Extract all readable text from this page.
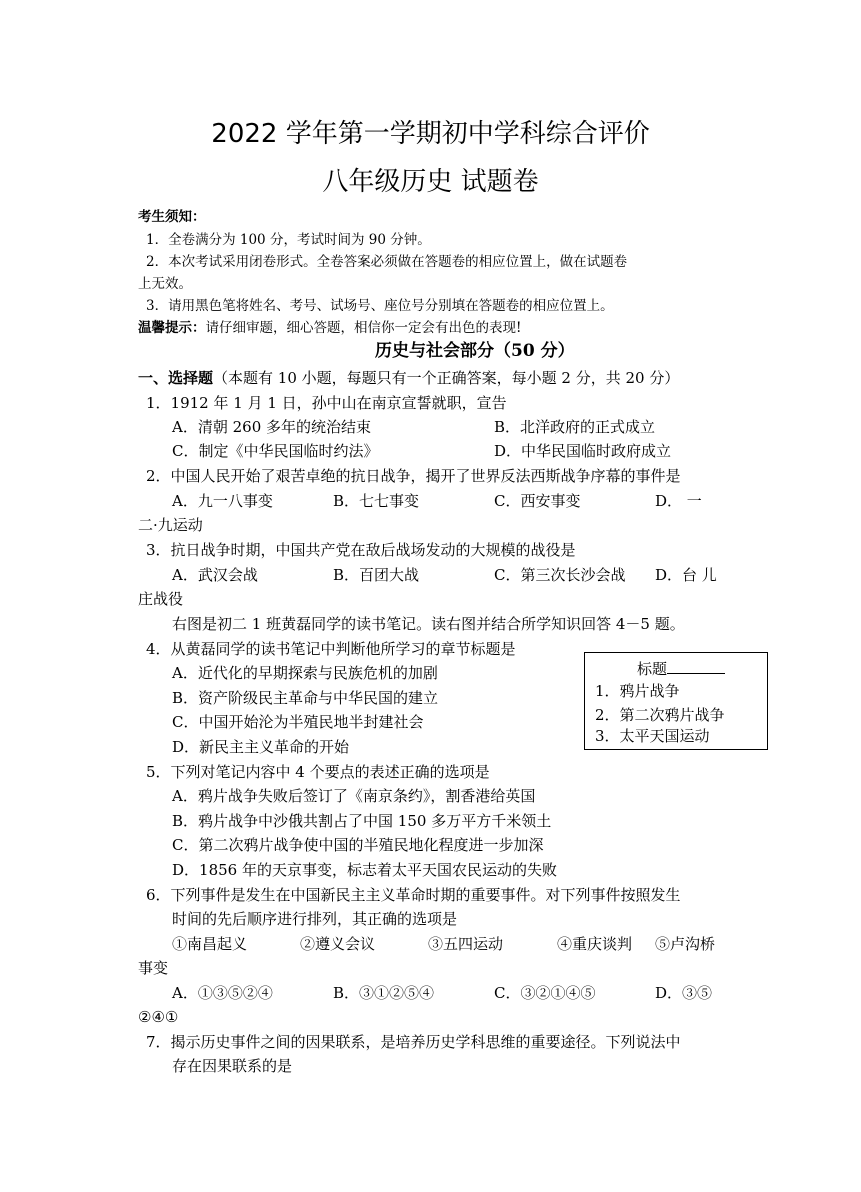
2022 学年第一学期初中学科综合评价
八年级历史 试题卷
考生须知：
1．全卷满分为 100 分，考试时间为 90 分钟。
2．本次考试采用闭卷形式。全卷答案必须做在答题卷的相应位置上，做在试题卷
上无效。
3．请用黑色笔将姓名、考号、试场号、座位号分别填在答题卷的相应位置上。
温馨提示：请仔细审题，细心答题，相信你一定会有出色的表现!
历史与社会部分（50 分）
一、选择题（本题有 10 小题，每题只有一个正确答案，每小题 2 分，共 20 分）
1．1912 年 1 月 1 日，孙中山在南京宣誓就职，宣告
A．清朝 260 多年的统治结束	B．北洋政府的正式成立
C．制定《中华民国临时约法》	D．中华民国临时政府成立
2．中国人民开始了艰苦卓绝的抗日战争，揭开了世界反法西斯战争序幕的事件是
A．九一八事变	B．七七事变	C．西安事变	D． 一
二·九运动
3．抗日战争时期，中国共产党在敌后战场发动的大规模的战役是
A．武汉会战	B．百团大战	C．第三次长沙会战 D．台 儿
庄战役
右图是初二 1 班黄磊同学的读书笔记。读右图并结合所学知识回答 4－5 题。
4．从黄磊同学的读书笔记中判断他所学习的章节标题是
A．近代化的早期探索与民族危机的加剧
B．资产阶级民主革命与中华民国的建立
C．中国开始沦为半殖民地半封建社会
D．新民主主义革命的开始
标题
1．鸦片战争
2．第二次鸦片战争
3．太平天国运动
5．下列对笔记内容中 4 个要点的表述正确的选项是
A．鸦片战争失败后签订了《南京条约》，割香港给英国
B．鸦片战争中沙俄共割占了中国 150 多万平方千米领土
C．第二次鸦片战争使中国的半殖民地化程度进一步加深
D．1856 年的天京事变，标志着太平天国农民运动的失败
6．下列事件是发生在中国新民主主义革命时期的重要事件。对下列事件按照发生
时间的先后顺序进行排列，其正确的选项是
①南昌起义	②遵义会议	③五四运动	④重庆谈判 ⑤卢沟桥
事变
A．①③⑤②④	B．③①②⑤④	C．③②①④⑤	D．③⑤
②④①
7．揭示历史事件之间的因果联系，是培养历史学科思维的重要途径。下列说法中
存在因果联系的是
